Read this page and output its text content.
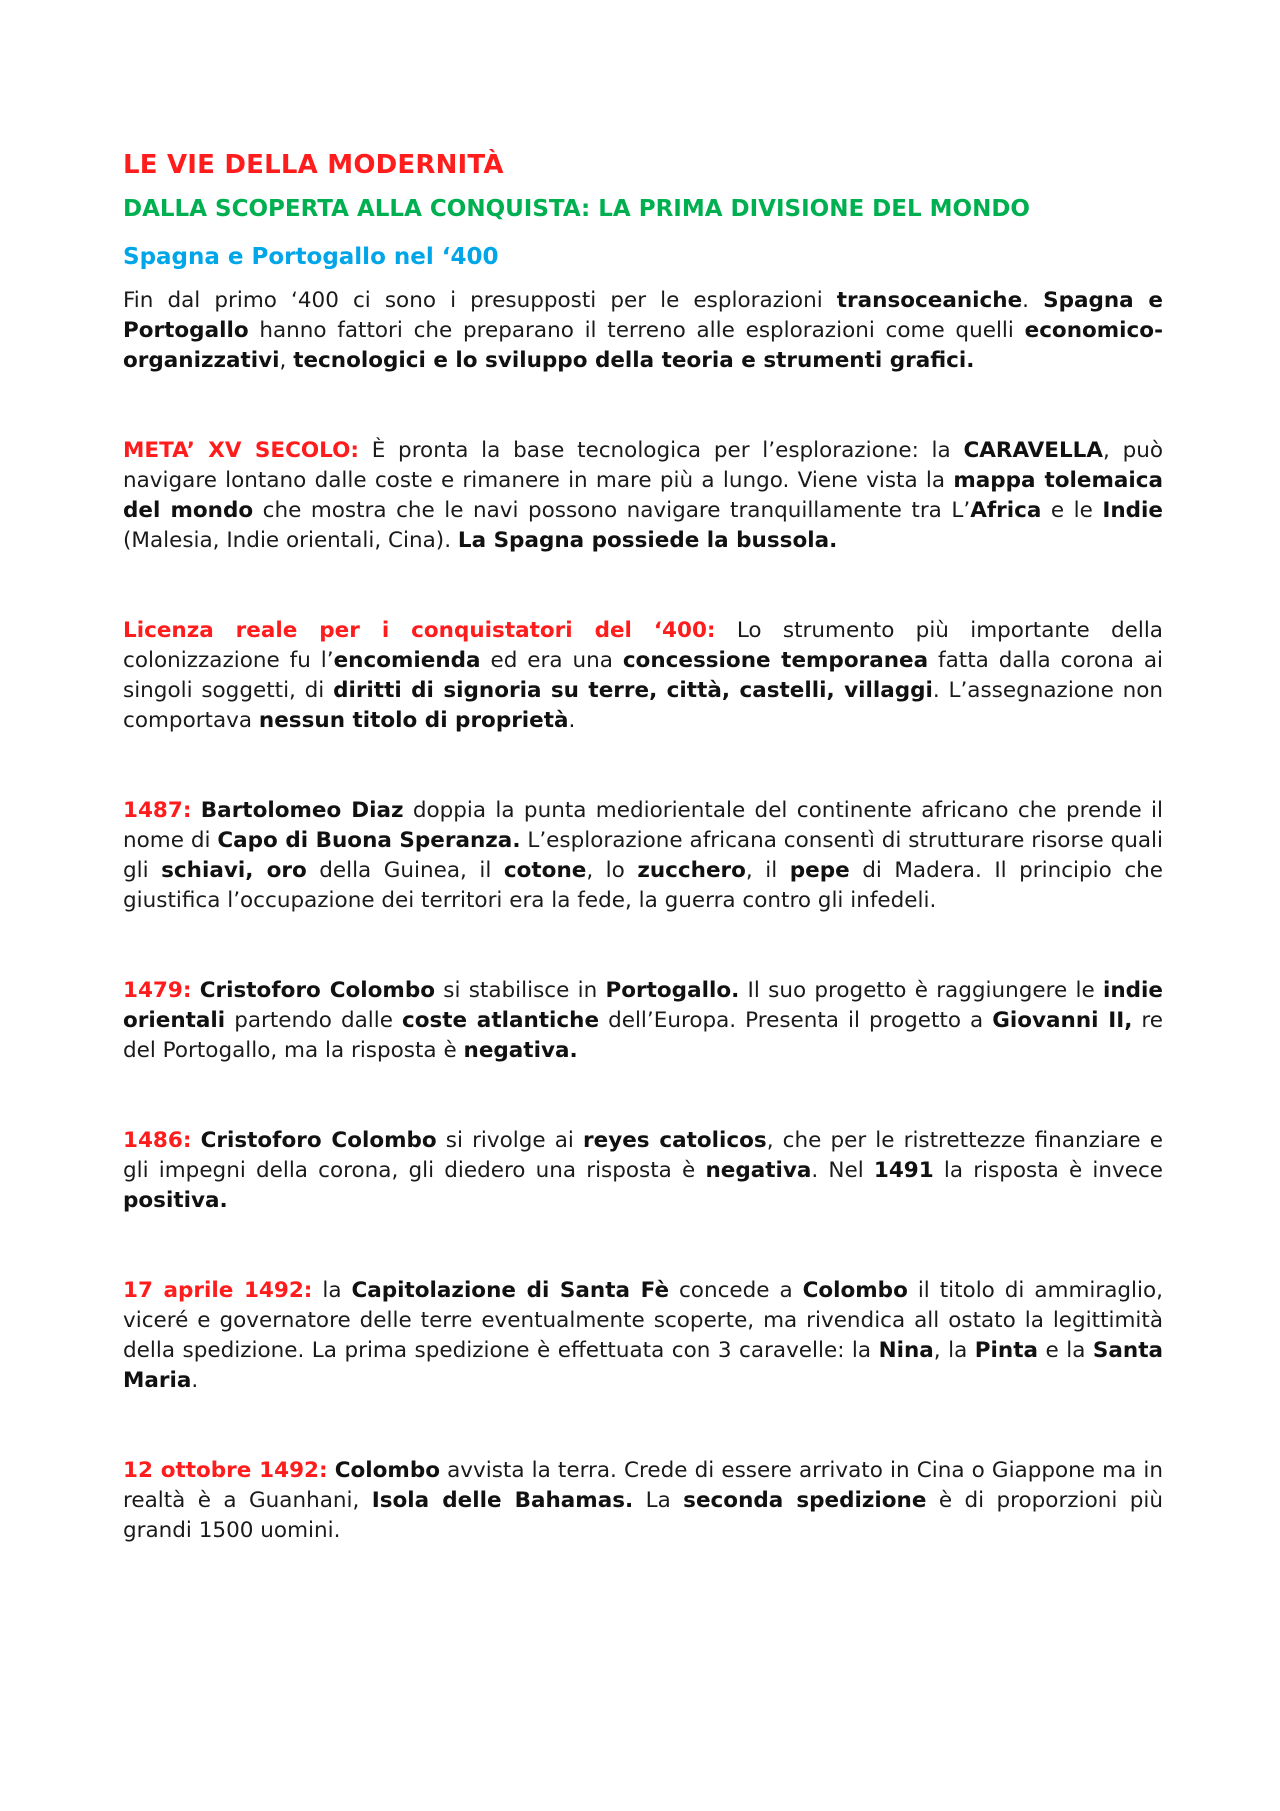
LE VIE DELLA MODERNITÀ
DALLA SCOPERTA ALLA CONQUISTA: LA PRIMA DIVISIONE DEL MONDO
Spagna e Portogallo nel ‘400

Fin dal primo ‘400 ci sono i presupposti per le esplorazioni transoceaniche. Spagna e Portogallo hanno fattori che preparano il terreno alle esplorazioni come quelli economico-organizzativi, tecnologici e lo sviluppo della teoria e strumenti grafici.

META’ XV SECOLO: È pronta la base tecnologica per l’esplorazione: la CARAVELLA, può navigare lontano dalle coste e rimanere in mare più a lungo. Viene vista la mappa tolemaica del mondo che mostra che le navi possono navigare tranquillamente tra L’Africa e le Indie (Malesia, Indie orientali, Cina). La Spagna possiede la bussola.

Licenza reale per i conquistatori del ‘400: Lo strumento più importante della colonizzazione fu l’encomienda ed era una concessione temporanea fatta dalla corona ai singoli soggetti, di diritti di signoria su terre, città, castelli, villaggi. L’assegnazione non comportava nessun titolo di proprietà.

1487: Bartolomeo Diaz doppia la punta mediorientale del continente africano che prende il nome di Capo di Buona Speranza. L’esplorazione africana consentì di strutturare risorse quali gli schiavi, oro della Guinea, il cotone, lo zucchero, il pepe di Madera. Il principio che giustifica l’occupazione dei territori era la fede, la guerra contro gli infedeli.

1479: Cristoforo Colombo si stabilisce in Portogallo. Il suo progetto è raggiungere le indie orientali partendo dalle coste atlantiche dell’Europa. Presenta il progetto a Giovanni II, re del Portogallo, ma la risposta è negativa.

1486: Cristoforo Colombo si rivolge ai reyes catolicos, che per le ristrettezze finanziare e gli impegni della corona, gli diedero una risposta è negativa. Nel 1491 la risposta è invece positiva.

17 aprile 1492: la Capitolazione di Santa Fè concede a Colombo il titolo di ammiraglio, viceré e governatore delle terre eventualmente scoperte, ma rivendica all ostato la legittimità della spedizione. La prima spedizione è effettuata con 3 caravelle: la Nina, la Pinta e la Santa Maria.

12 ottobre 1492: Colombo avvista la terra. Crede di essere arrivato in Cina o Giappone ma in realtà è a Guanhani, Isola delle Bahamas. La seconda spedizione è di proporzioni più grandi 1500 uomini.
